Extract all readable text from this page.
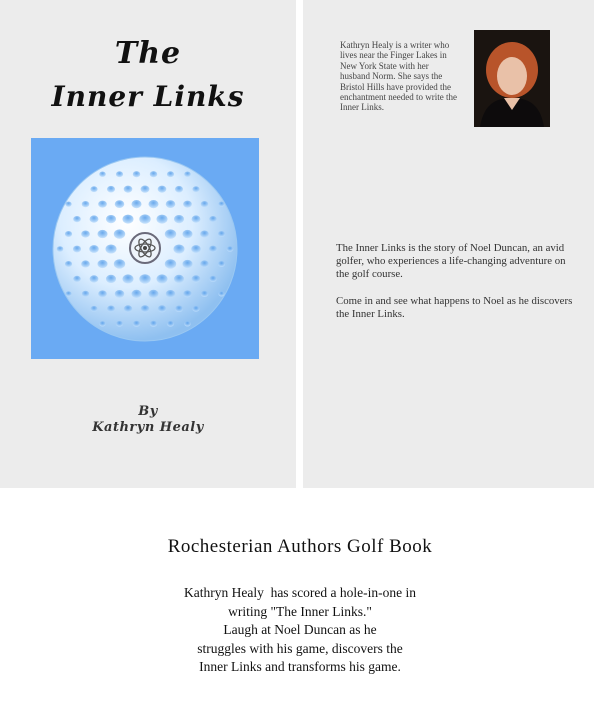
The
Inner Links
By
Kathryn Healy
Kathryn Healy is a writer who lives near the Finger Lakes in New York State with her husband Norm. She says the Bristol Hills have provided the enchantment needed to write the Inner Links.

The Inner Links is the story of Noel Duncan, an avid golfer, who experiences a life-changing adventure on the golf course.

Come in and see what happens to Noel as he discovers the Inner Links.

Rochesterian Authors Golf Book
Kathryn Healy  has scored a hole-in-one in
writing "The Inner Links."
Laugh at Noel Duncan as he
struggles with his game, discovers the
Inner Links and transforms his game.
